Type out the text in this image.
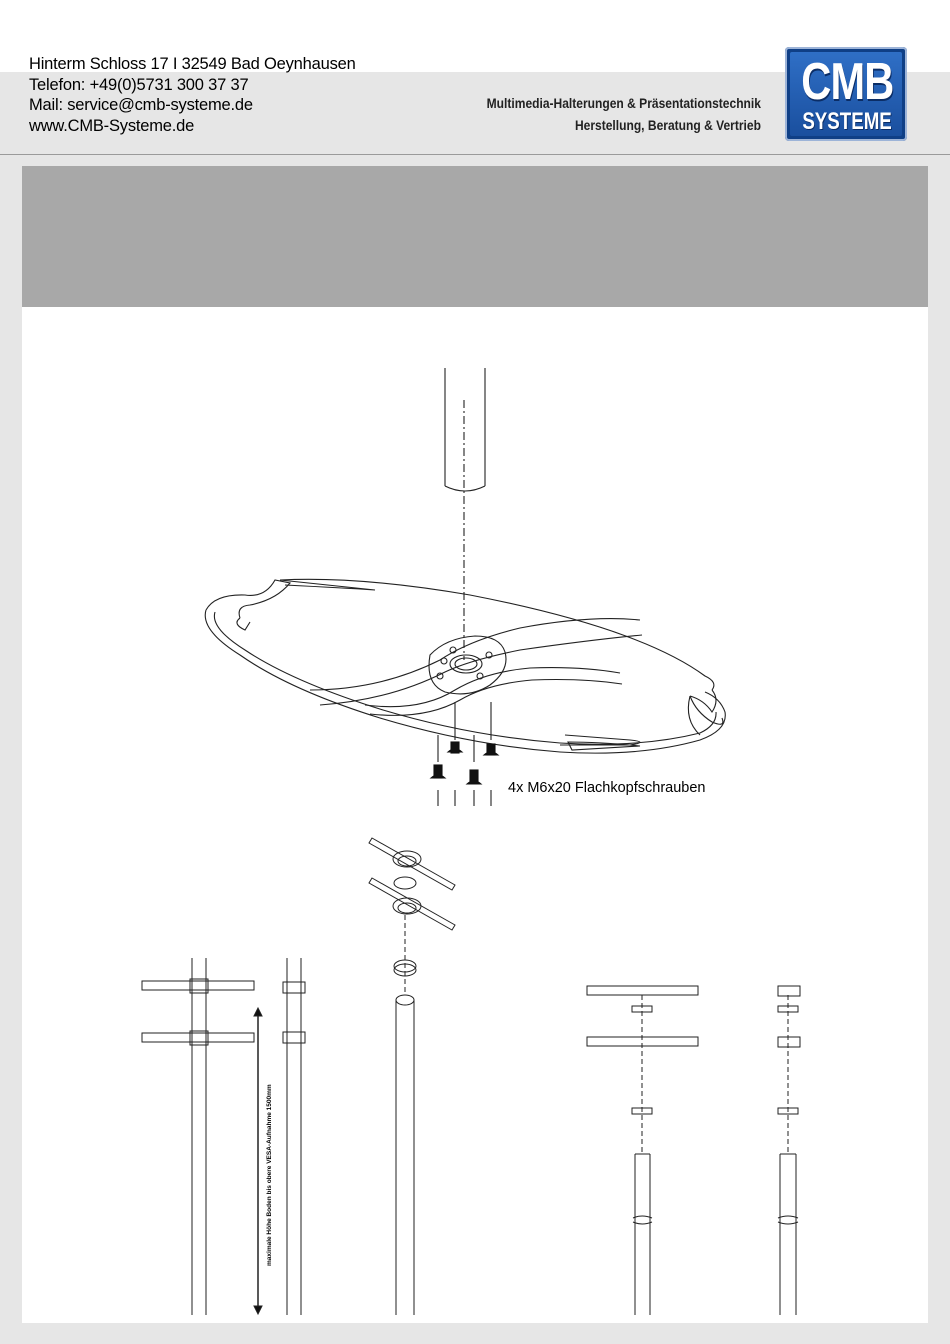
Hinterm Schloss 17 I 32549 Bad Oeynhausen
Telefon: +49(0)5731 300 37 37
Mail: service@cmb-systeme.de
www.CMB-Systeme.de
Multimedia-Halterungen & Präsentationstechnik
Herstellung, Beratung & Vertrieb
CMB
SYSTEME
4x M6x20 Flachkopfschrauben
maximale Höhe Boden bis obere VESA-Aufnahme 1500mm
